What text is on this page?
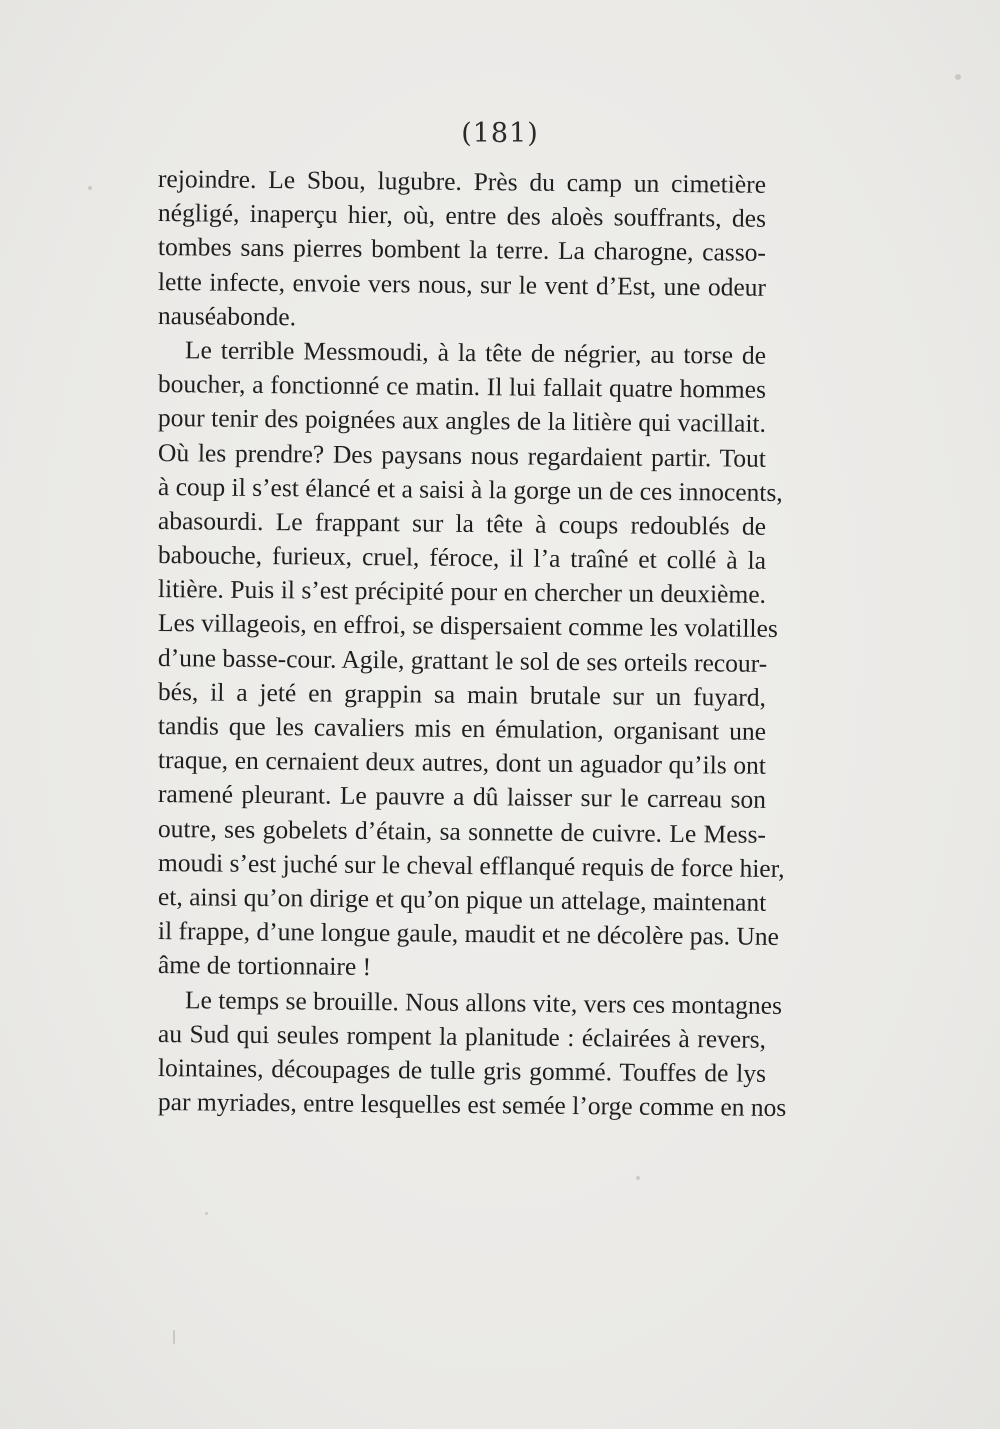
(181)
rejoindre. Le Sbou, lugubre. Près du camp un cimetière
négligé, inaperçu hier, où, entre des aloès souffrants, des
tombes sans pierres bombent la terre. La charogne, casso-
lette infecte, envoie vers nous, sur le vent d’Est, une odeur
nauséabonde.
Le terrible Messmoudi, à la tête de négrier, au torse de
boucher, a fonctionné ce matin. Il lui fallait quatre hommes
pour tenir des poignées aux angles de la litière qui vacillait.
Où les prendre? Des paysans nous regardaient partir. Tout
à coup il s’est élancé et a saisi à la gorge un de ces innocents,
abasourdi. Le frappant sur la tête à coups redoublés de
babouche, furieux, cruel, féroce, il l’a traîné et collé à la
litière. Puis il s’est précipité pour en chercher un deuxième.
Les villageois, en effroi, se dispersaient comme les volatilles
d’une basse-cour. Agile, grattant le sol de ses orteils recour-
bés, il a jeté en grappin sa main brutale sur un fuyard,
tandis que les cavaliers mis en émulation, organisant une
traque, en cernaient deux autres, dont un aguador qu’ils ont
ramené pleurant. Le pauvre a dû laisser sur le carreau son
outre, ses gobelets d’étain, sa sonnette de cuivre. Le Mess-
moudi s’est juché sur le cheval efflanqué requis de force hier,
et, ainsi qu’on dirige et qu’on pique un attelage, maintenant
il frappe, d’une longue gaule, maudit et ne décolère pas. Une
âme de tortionnaire !
Le temps se brouille. Nous allons vite, vers ces montagnes
au Sud qui seules rompent la planitude : éclairées à revers,
lointaines, découpages de tulle gris gommé. Touffes de lys
par myriades, entre lesquelles est semée l’orge comme en nos
